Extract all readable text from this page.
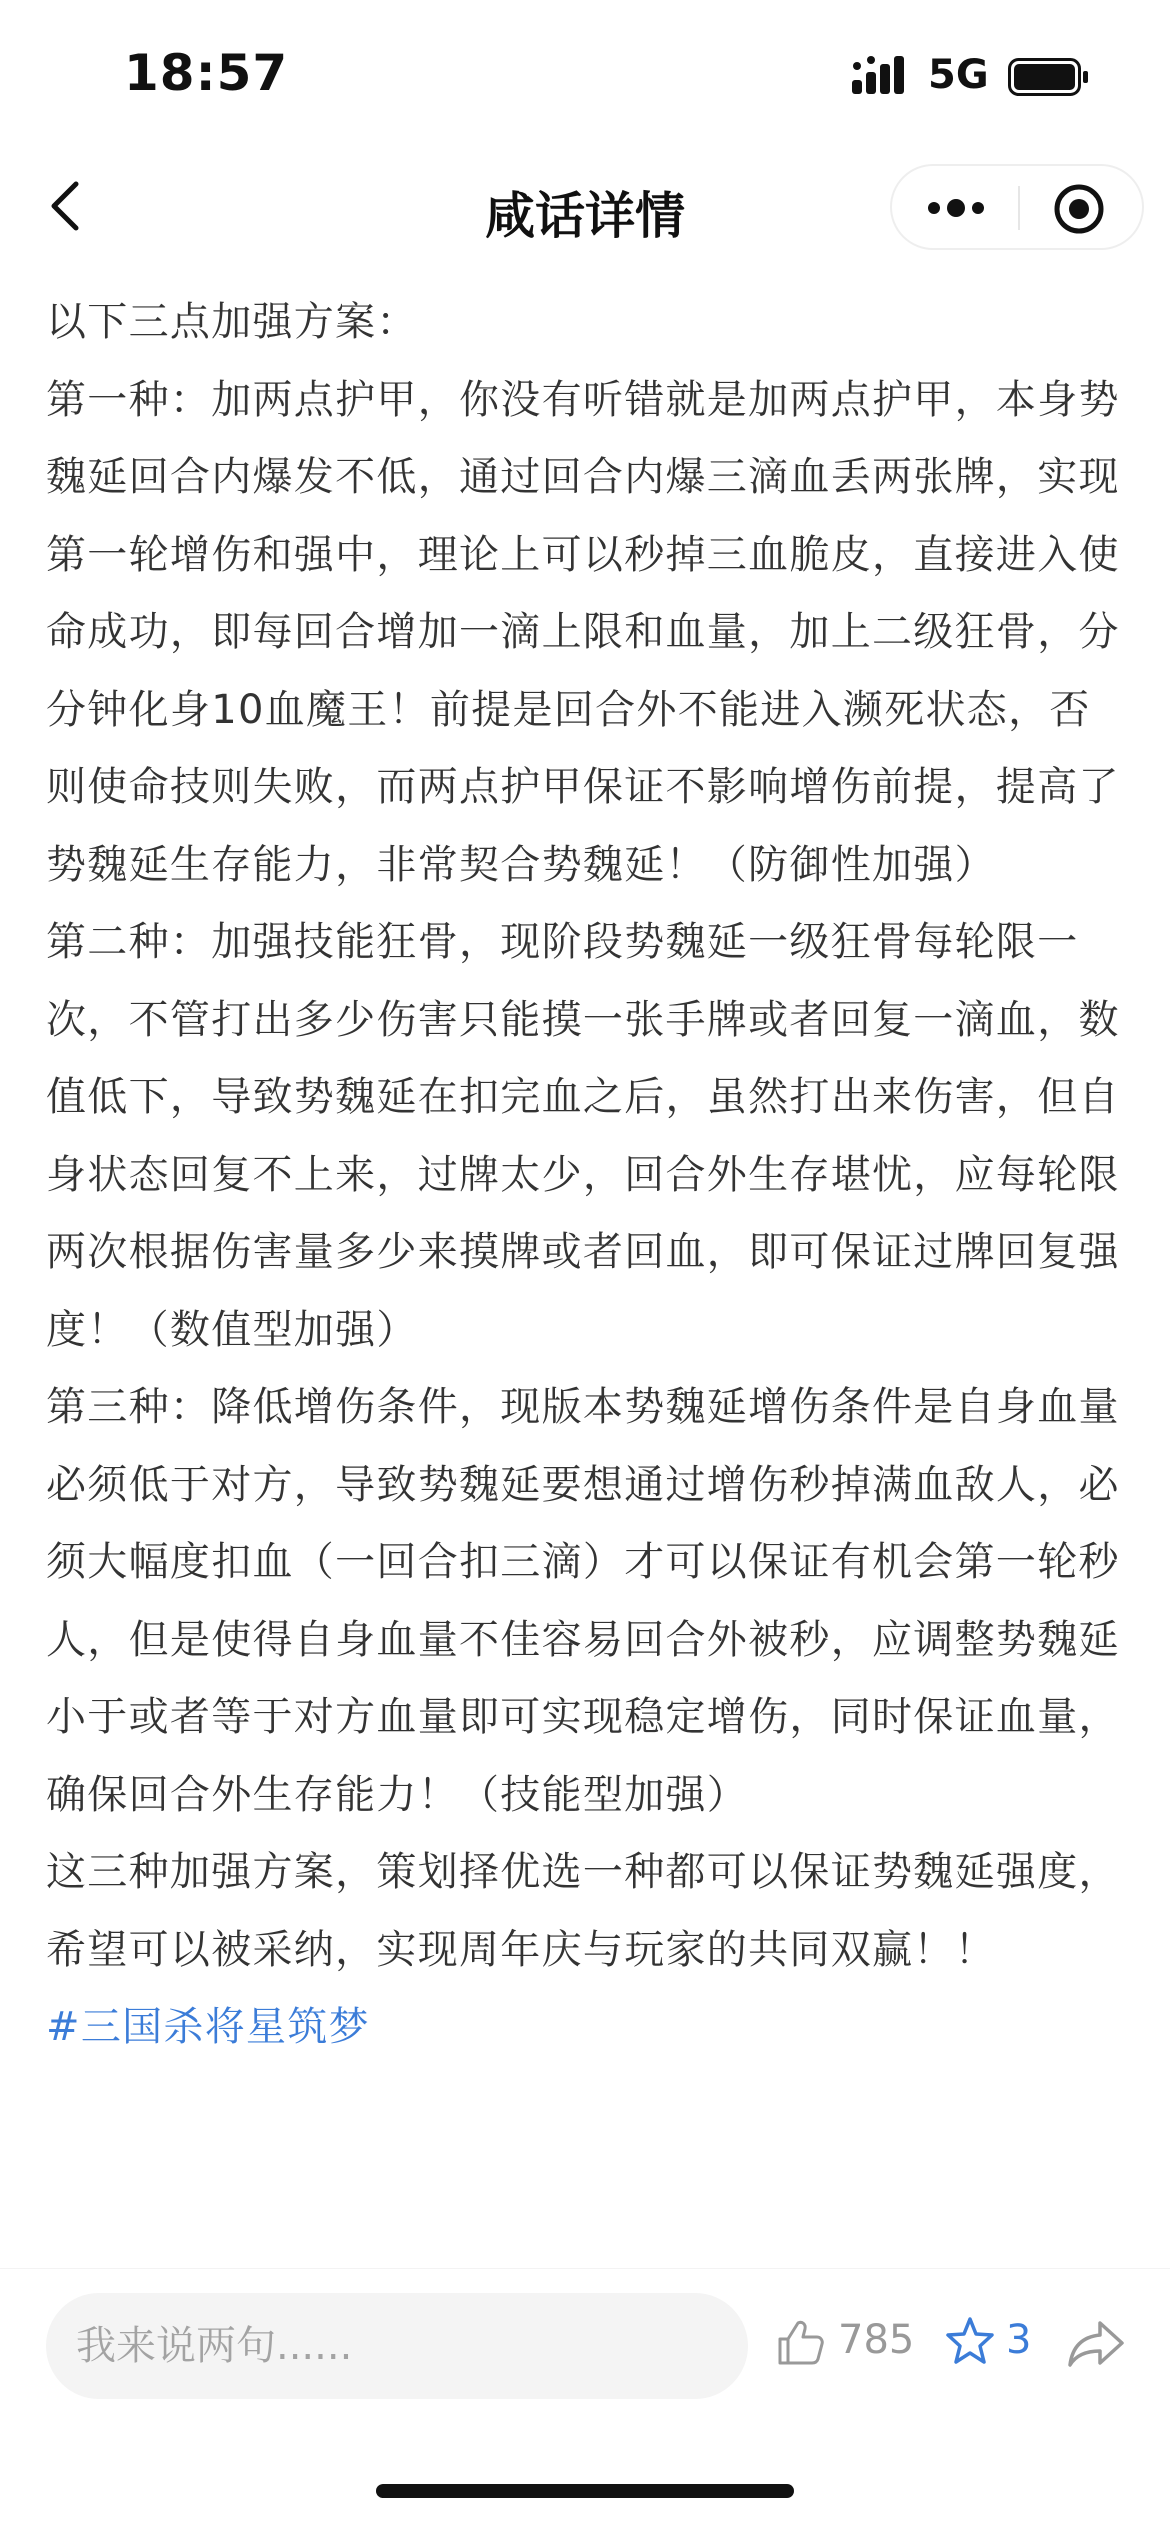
18:57	5G
咸话详情

以下三点加强方案：

第一种：加两点护甲，你没有听错就是加两点护甲，本身势魏延回合内爆发不低，通过回合内爆三滴血丢两张牌，实现第一轮增伤和强中，理论上可以秒掉三血脆皮，直接进入使命成功，即每回合增加一滴上限和血量，加上二级狂骨，分分钟化身10血魔王！前提是回合外不能进入濒死状态，否则使命技则失败，而两点护甲保证不影响增伤前提，提高了势魏延生存能力，非常契合势魏延！（防御性加强）

第二种：加强技能狂骨，现阶段势魏延一级狂骨每轮限一次，不管打出多少伤害只能摸一张手牌或者回复一滴血，数值低下，导致势魏延在扣完血之后，虽然打出来伤害，但自身状态回复不上来，过牌太少，回合外生存堪忧，应每轮限两次根据伤害量多少来摸牌或者回血，即可保证过牌回复强度！（数值型加强）

第三种：降低增伤条件，现版本势魏延增伤条件是自身血量必须低于对方，导致势魏延要想通过增伤秒掉满血敌人，必须大幅度扣血（一回合扣三滴）才可以保证有机会第一轮秒人，但是使得自身血量不佳容易回合外被秒，应调整势魏延小于或者等于对方血量即可实现稳定增伤，同时保证血量，确保回合外生存能力！（技能型加强）

这三种加强方案，策划择优选一种都可以保证势魏延强度，希望可以被采纳，实现周年庆与玩家的共同双赢！！

#三国杀将星筑梦

我来说两句......
785 3
